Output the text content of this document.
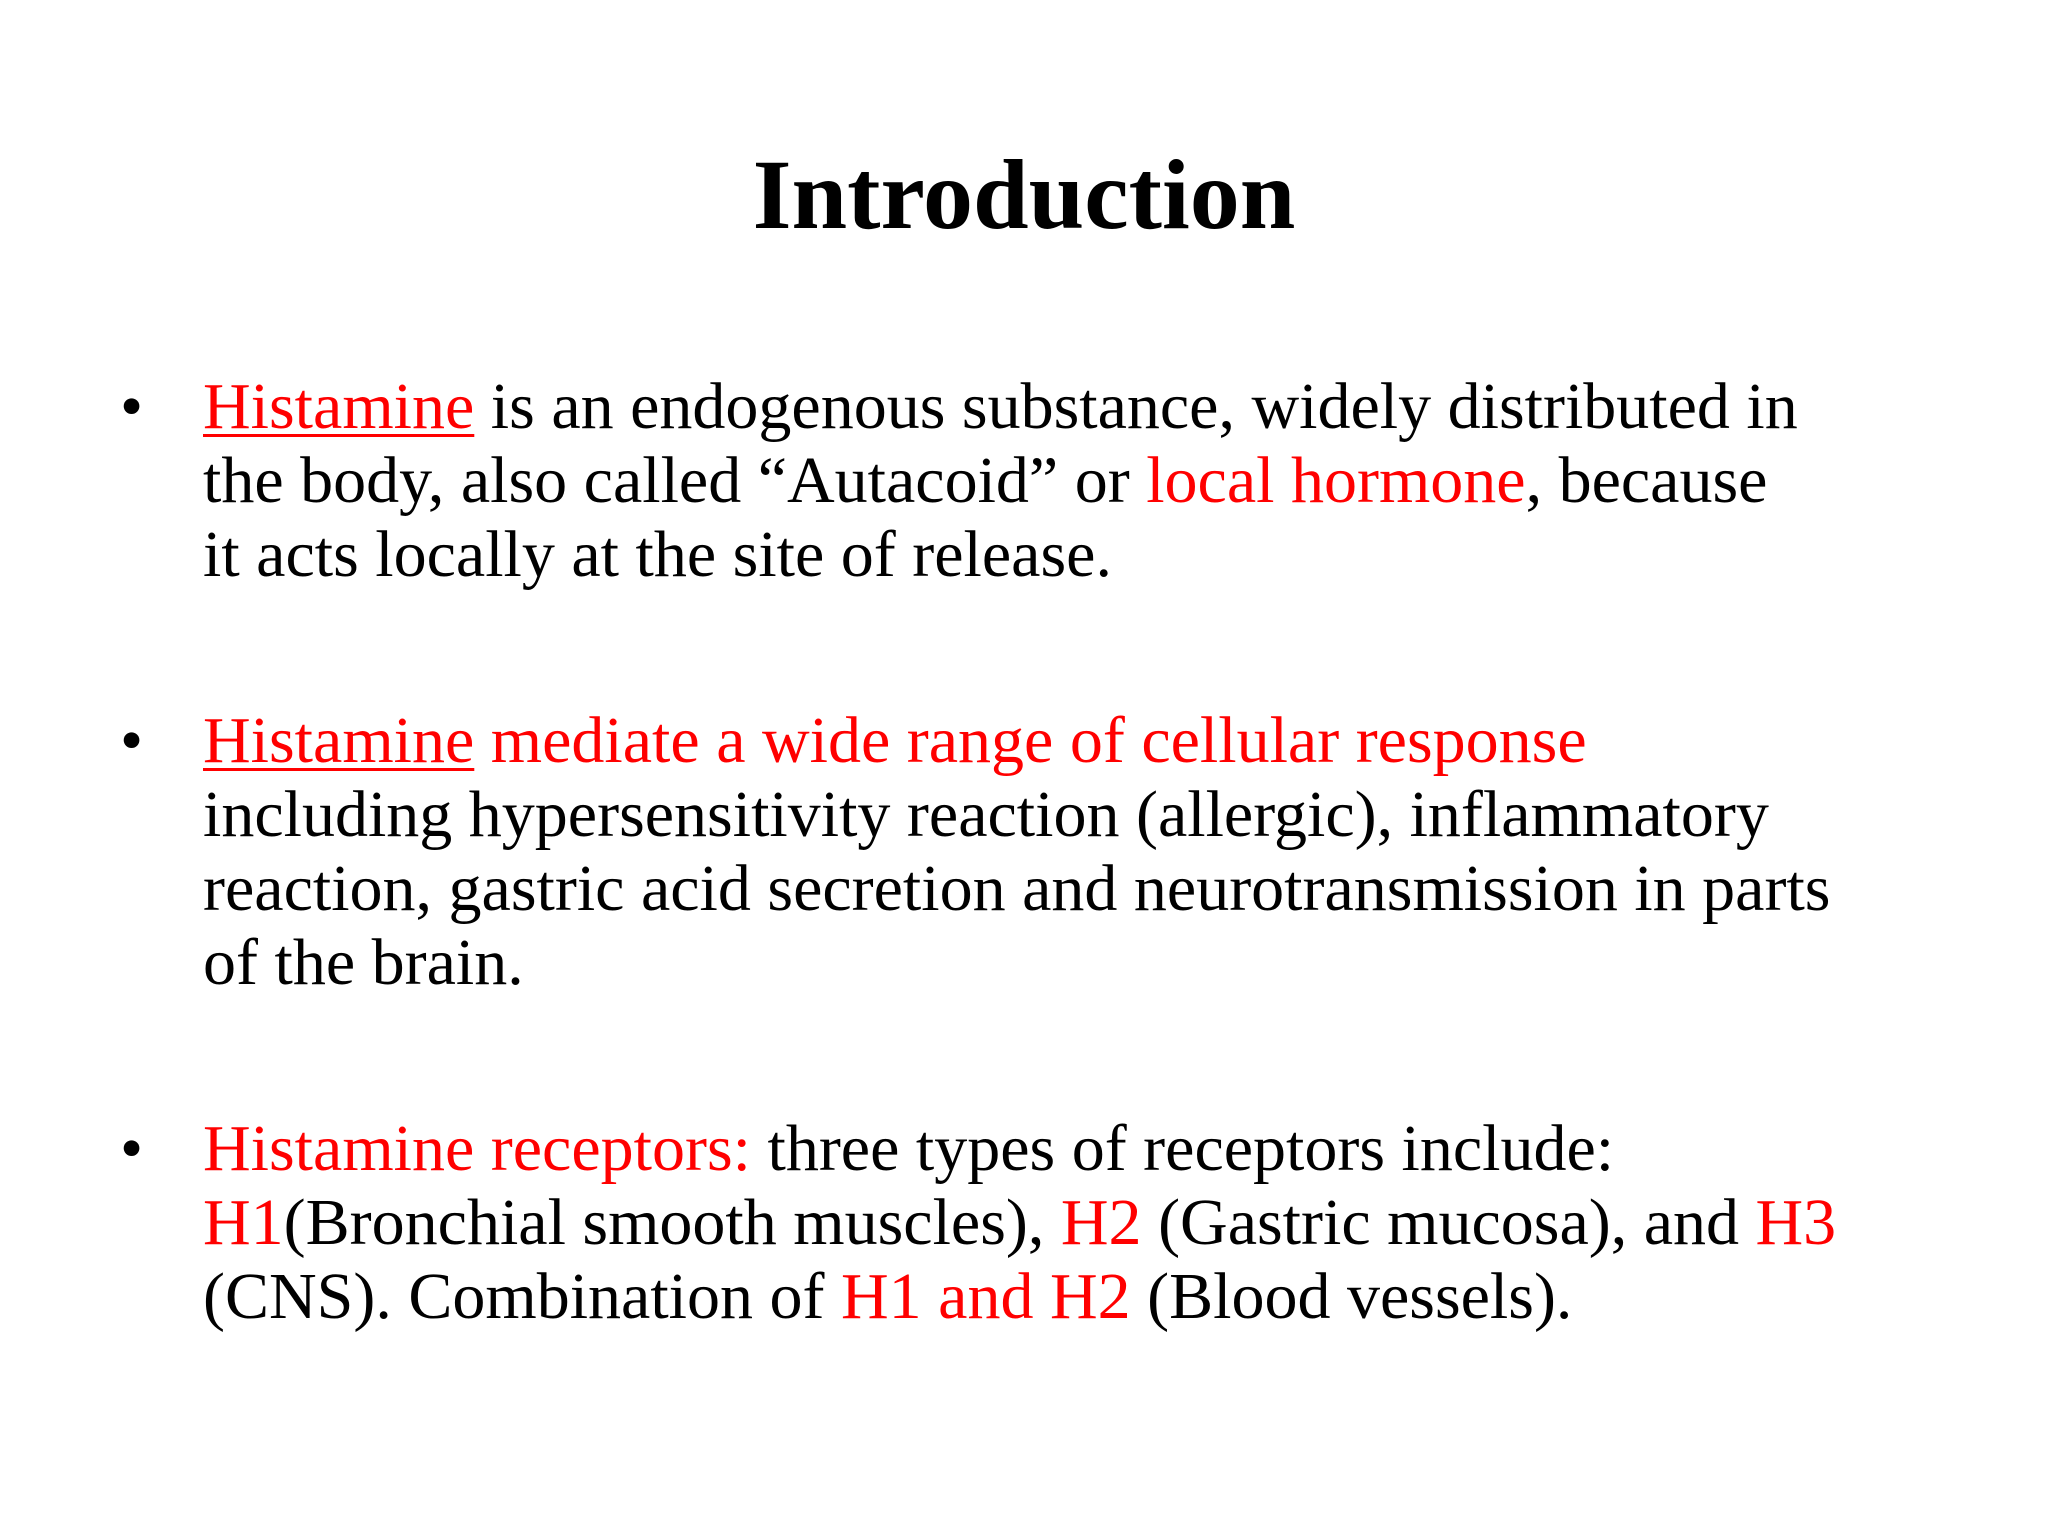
Introduction
• Histamine is an endogenous substance, widely distributed in
the body, also called “Autacoid” or local hormone, because
it acts locally at the site of release.
• Histamine mediate a wide range of cellular response
including hypersensitivity reaction (allergic), inflammatory
reaction, gastric acid secretion and neurotransmission in parts
of the brain.
• Histamine receptors: three types of receptors include:
H1(Bronchial smooth muscles), H2 (Gastric mucosa), and H3
(CNS). Combination of H1 and H2 (Blood vessels).
